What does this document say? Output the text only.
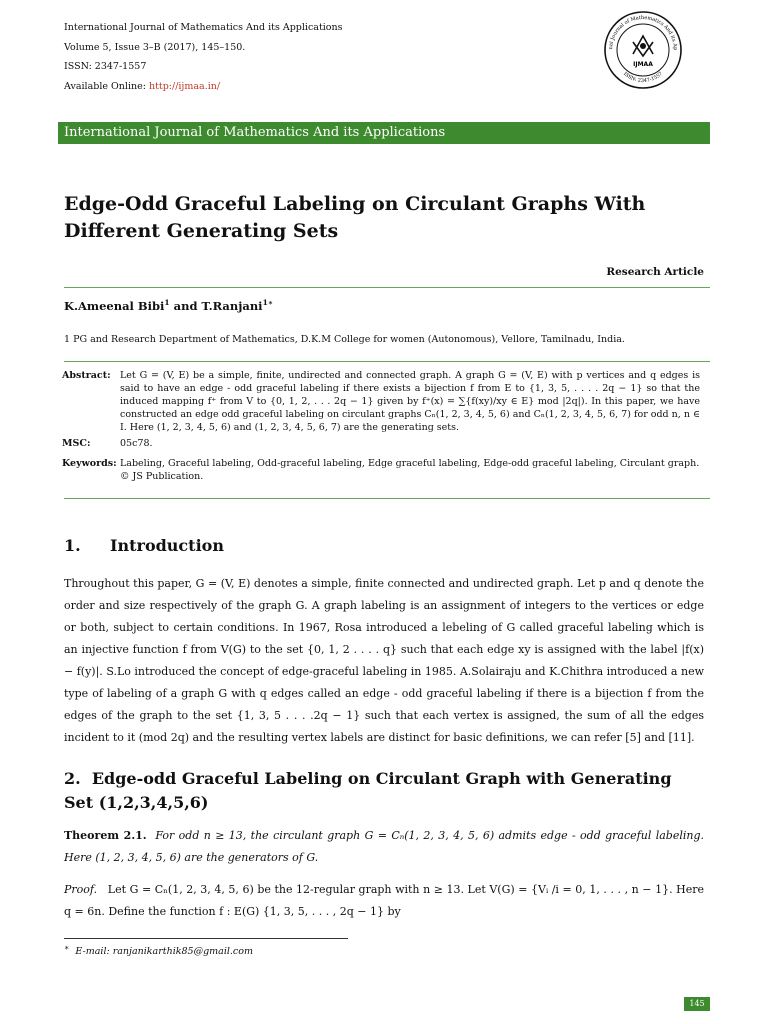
International Journal of Mathematics And its Applications
Volume 5, Issue 3–B (2017), 145–150.
ISSN: 2347-1557
Available Online: http://ijmaa.in/
nal Journal of Mathematics And its Ap
ISSN: 2347-1557
IJMAA
International Journal of Mathematics And its Applications
Edge-Odd Graceful Labeling on Circulant Graphs With Different Generating Sets
Research Article
K.Ameenal Bibi$^1$ and T.Ranjani$^{1∗}$
1 PG and Research Department of Mathematics, D.K.M College for women (Autonomous), Vellore, Tamilnadu, India.
Abstract: Let G = (V, E) be a simple, finite, undirected and connected graph. A graph G = (V, E) with p vertices and q edges is said to have an edge - odd graceful labeling if there exists a bijection f from E to {1, 3, 5, . . . . 2q − 1} so that the induced mapping f⁺ from V to {0, 1, 2, . . . 2q − 1} given by f⁺(x) = ∑{f(xy)/xy ∈ E} mod |2q|). In this paper, we have constructed an edge odd graceful labeling on circulant graphs Cₙ(1, 2, 3, 4, 5, 6) and Cₙ(1, 2, 3, 4, 5, 6, 7) for odd n, n ∈ I. Here (1, 2, 3, 4, 5, 6) and (1, 2, 3, 4, 5, 6, 7) are the generating sets.
MSC:	05c78.
Keywords: Labeling, Graceful labeling, Odd-graceful labeling, Edge graceful labeling, Edge-odd graceful labeling, Circulant graph.
© JS Publication.
1. Introduction

Throughout this paper, G = (V, E) denotes a simple, finite connected and undirected graph. Let p and q denote the order and size respectively of the graph G. A graph labeling is an assignment of integers to the vertices or edge or both, subject to certain conditions. In 1967, Rosa introduced a lebeling of G called graceful labeling which is an injective function f from V(G) to the set {0, 1, 2 . . . . q} such that each edge xy is assigned with the label |f(x) − f(y)|. S.Lo introduced the concept of edge-graceful labeling in 1985. A.Solairaju and K.Chithra introduced a new type of labeling of a graph G with q edges called an edge - odd graceful labeling if there is a bijection f from the edges of the graph to the set {1, 3, 5 . . . .2q − 1} such that each vertex is assigned, the sum of all the edges incident to it (mod 2q) and the resulting vertex labels are distinct for basic definitions, we can refer [5] and [11].

2. Edge-odd Graceful Labeling on Circulant Graph with Generating Set (1,2,3,4,5,6)

Theorem 2.1. For odd n ≥ 13, the circulant graph G = Cₙ(1, 2, 3, 4, 5, 6) admits edge - odd graceful labeling. Here (1, 2, 3, 4, 5, 6) are the generators of G.

Proof. Let G = Cₙ(1, 2, 3, 4, 5, 6) be the 12-regular graph with n ≥ 13. Let V(G) = {Vᵢ /i = 0, 1, . . . , n − 1}. Here q = 6n. Define the function f : E(G) {1, 3, 5, . . . , 2q − 1} by

∗ E-mail: ranjanikarthik85@gmail.com
145
